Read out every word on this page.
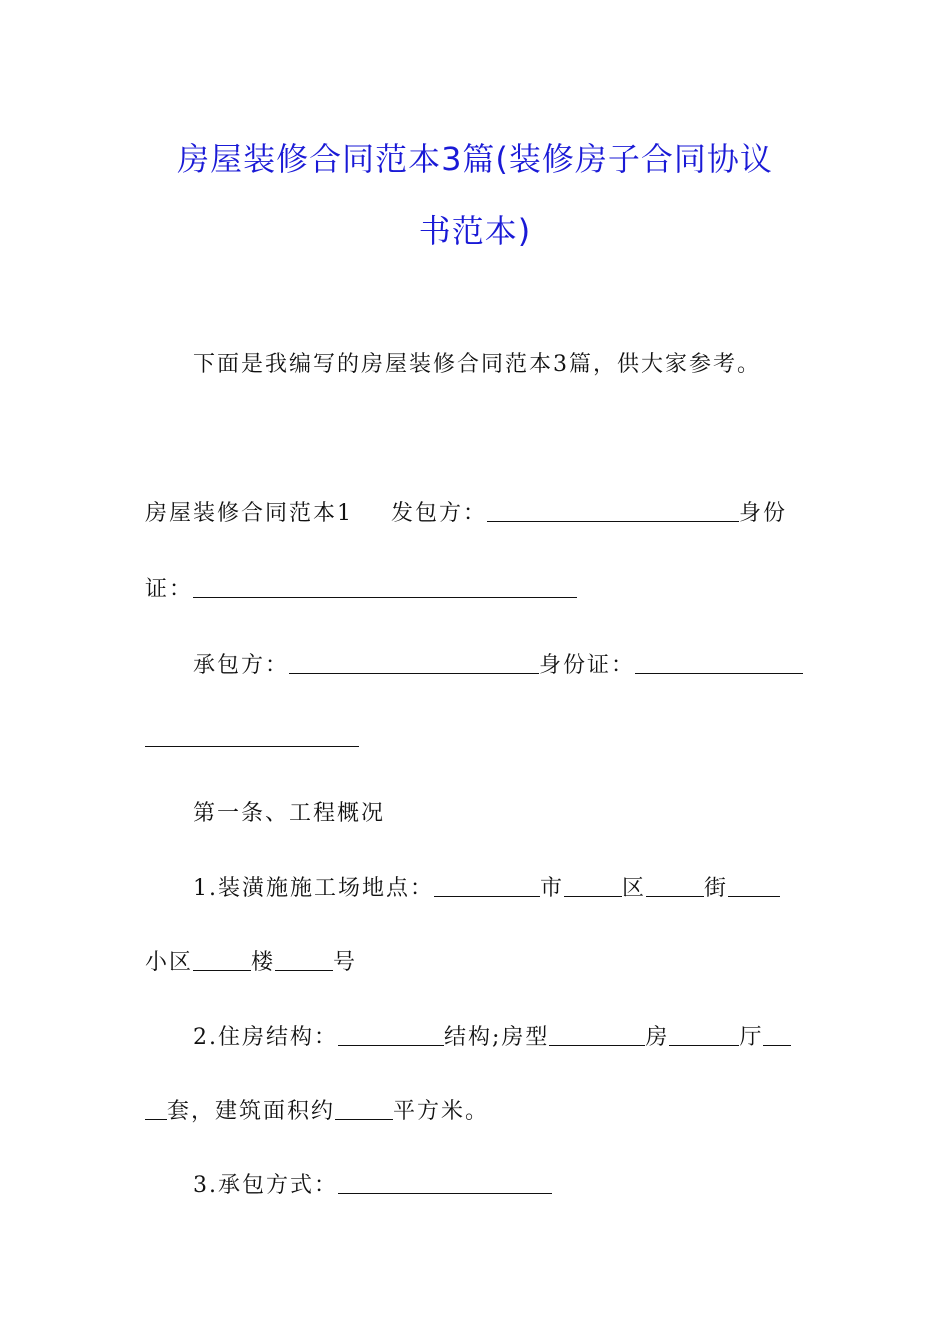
房屋装修合同范本3篇(装修房子合同协议
书范本)
下面是我编写的房屋装修合同范本3篇，供大家参考。
房屋装修合同范本1 发包方：	身份
证：
承包方：	身份证：
第一条、工程概况
1.装潢施施工场地点：	市	区	街
小区	楼	号
2.住房结构：	结构;房型	房	厅
套，建筑面积约	平方米。
3.承包方式：
